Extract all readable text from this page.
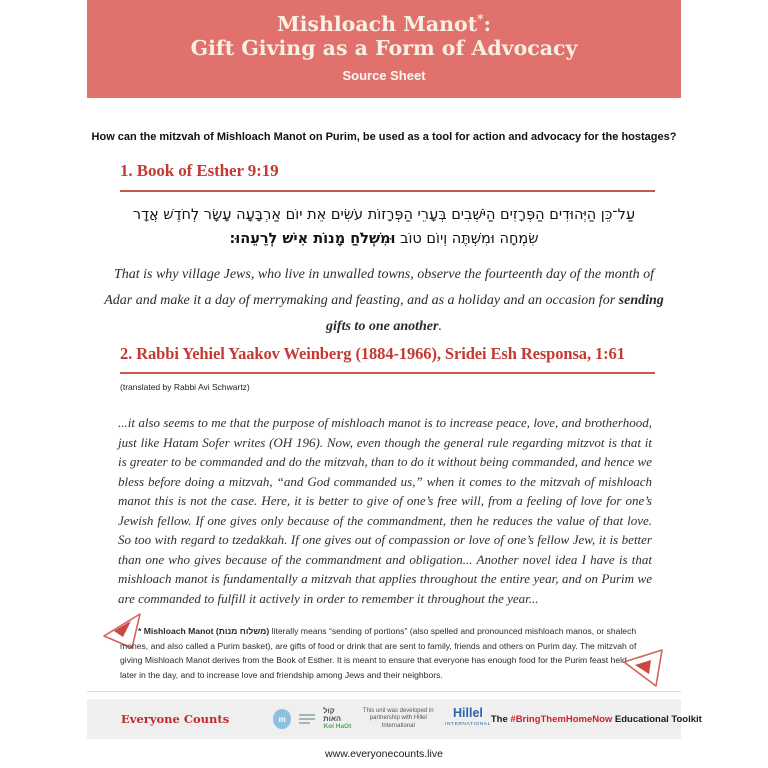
Mishloach Manot*:
Gift Giving as a Form of Advocacy
Source Sheet

How can the mitzvah of Mishloach Manot on Purim, be used as a tool for action and advocacy for the hostages?

1. Book of Esther 9:19
עַל־כֵּן הַיְּהוּדִים הַפְּרָזִים הַיֹּשְׁבִים בְּעָרֵי הַפְּרָזוֹת עֹשִׂים אֵת יוֹם אַרְבָּעָה עָשָׂר לְחֹדֶשׁ אֲדָר
שִׂמְחָה וּמִשְׁתֶּה וְיוֹם טוֹב וּמִשְׁלֹחַ מָנוֹת אִישׁ לְרֵעֵהוּ:

That is why village Jews, who live in unwalled towns, observe the fourteenth day of the month of Adar and make it a day of merrymaking and feasting, and as a holiday and an occasion for sending gifts to one another.

2. Rabbi Yehiel Yaakov Weinberg (1884-1966), Sridei Esh Responsa, 1:61

(translated by Rabbi Avi Schwartz)

...it also seems to me that the purpose of mishloach manot is to increase peace, love, and brotherhood, just like Hatam Sofer writes (OH 196). Now, even though the general rule regarding mitzvot is that it is greater to be commanded and do the mitzvah, than to do it without being commanded, and hence we bless before doing a mitzvah, “and God commanded us,” when it comes to the mitzvah of mishloach manot this is not the case. Here, it is better to give of one’s free will, from a feeling of love for one’s Jewish fellow. If one gives only because of the commandment, then he reduces the value of that love. So too with regard to tzedakkah. If one gives out of compassion or love of one’s fellow Jew, it is better than one who gives because of the commandment and obligation... Another novel idea I have is that mishloach manot is fundamentally a mitzvah that applies throughout the entire year, and on Purim we are commanded to fulfill it actively in order to remember it throughout the year...

* Mishloach Manot (משלוח מנות) literally means “sending of portions” (also spelled and pronounced mishloach manos, or shalech mones, and also called a Purim basket), are gifts of food or drink that are sent to family, friends and others on Purim day. The mitzvah of giving Mishloach Manot derives from the Book of Esther. It is meant to ensure that everyone has enough food for the Purim feast held later in the day, and to increase love and friendship among Jews and their neighbors.

Everyone Counts	m
קול האות
Kol HaOt
This unit was developed in
partnership with Hillel International
Hillel
INTERNATIONAL The #BringThemHomeNow Educational Toolkit

www.everyonecounts.live
